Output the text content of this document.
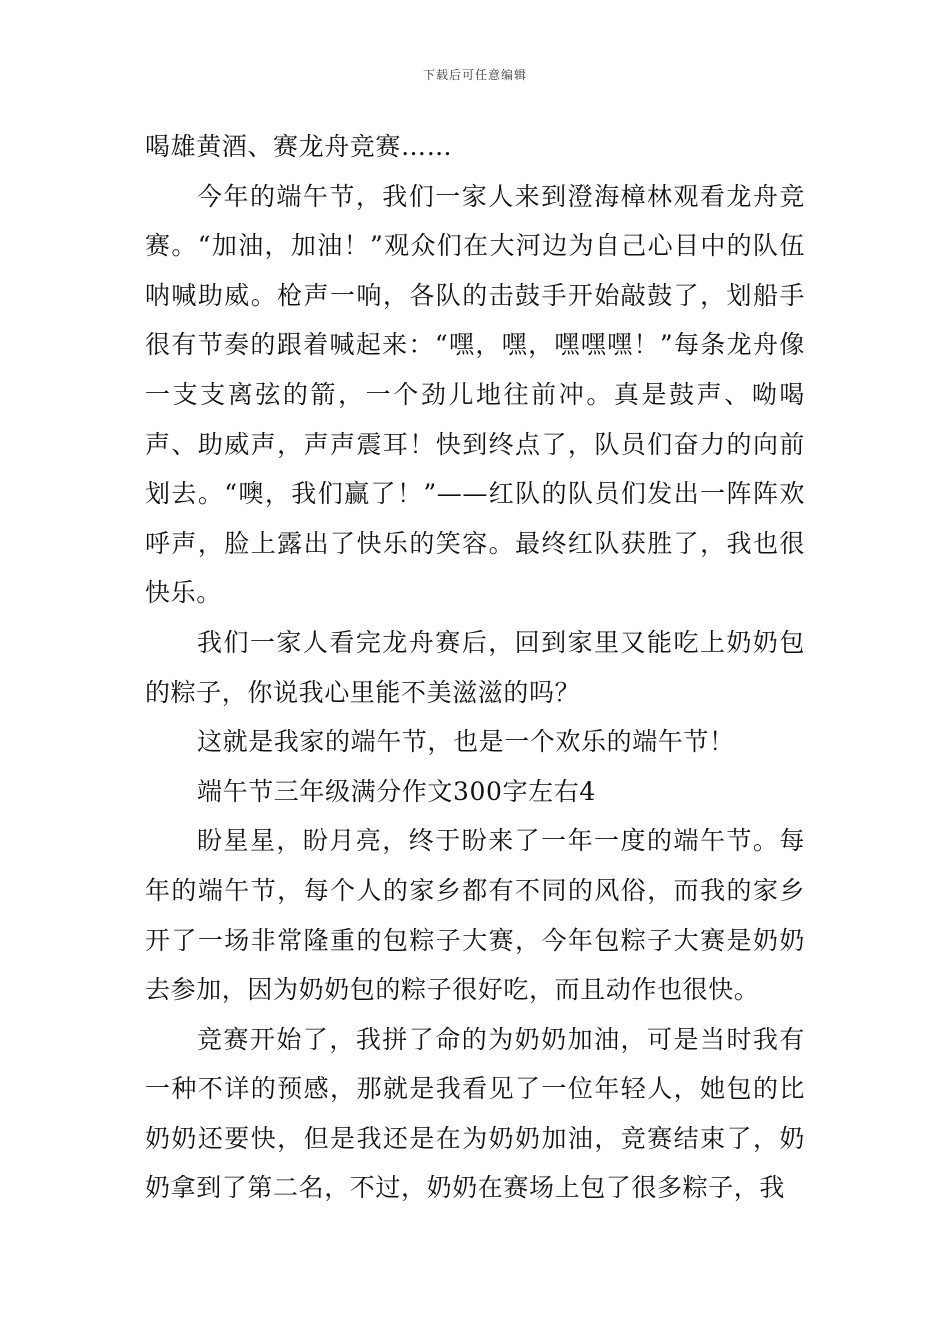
下载后可任意编辑

喝雄黄酒、赛龙舟竞赛……

今年的端午节，我们一家人来到澄海樟林观看龙舟竞赛。“加油，加油！”观众们在大河边为自己心目中的队伍呐喊助威。枪声一响，各队的击鼓手开始敲鼓了，划船手很有节奏的跟着喊起来：“嘿，嘿，嘿嘿嘿！”每条龙舟像一支支离弦的箭，一个劲儿地往前冲。真是鼓声、呦喝声、助威声，声声震耳！快到终点了，队员们奋力的向前划去。“噢，我们赢了！”——红队的队员们发出一阵阵欢呼声，脸上露出了快乐的笑容。最终红队获胜了，我也很快乐。

我们一家人看完龙舟赛后，回到家里又能吃上奶奶包的粽子，你说我心里能不美滋滋的吗？

这就是我家的端午节，也是一个欢乐的端午节！

端午节三年级满分作文300字左右4

盼星星，盼月亮，终于盼来了一年一度的端午节。每年的端午节，每个人的家乡都有不同的风俗，而我的家乡开了一场非常隆重的包粽子大赛，今年包粽子大赛是奶奶去参加，因为奶奶包的粽子很好吃，而且动作也很快。

竞赛开始了，我拼了命的为奶奶加油，可是当时我有一种不详的预感，那就是我看见了一位年轻人，她包的比奶奶还要快，但是我还是在为奶奶加油，竞赛结束了，奶奶拿到了第二名，不过，奶奶在赛场上包了很多粽子，我
